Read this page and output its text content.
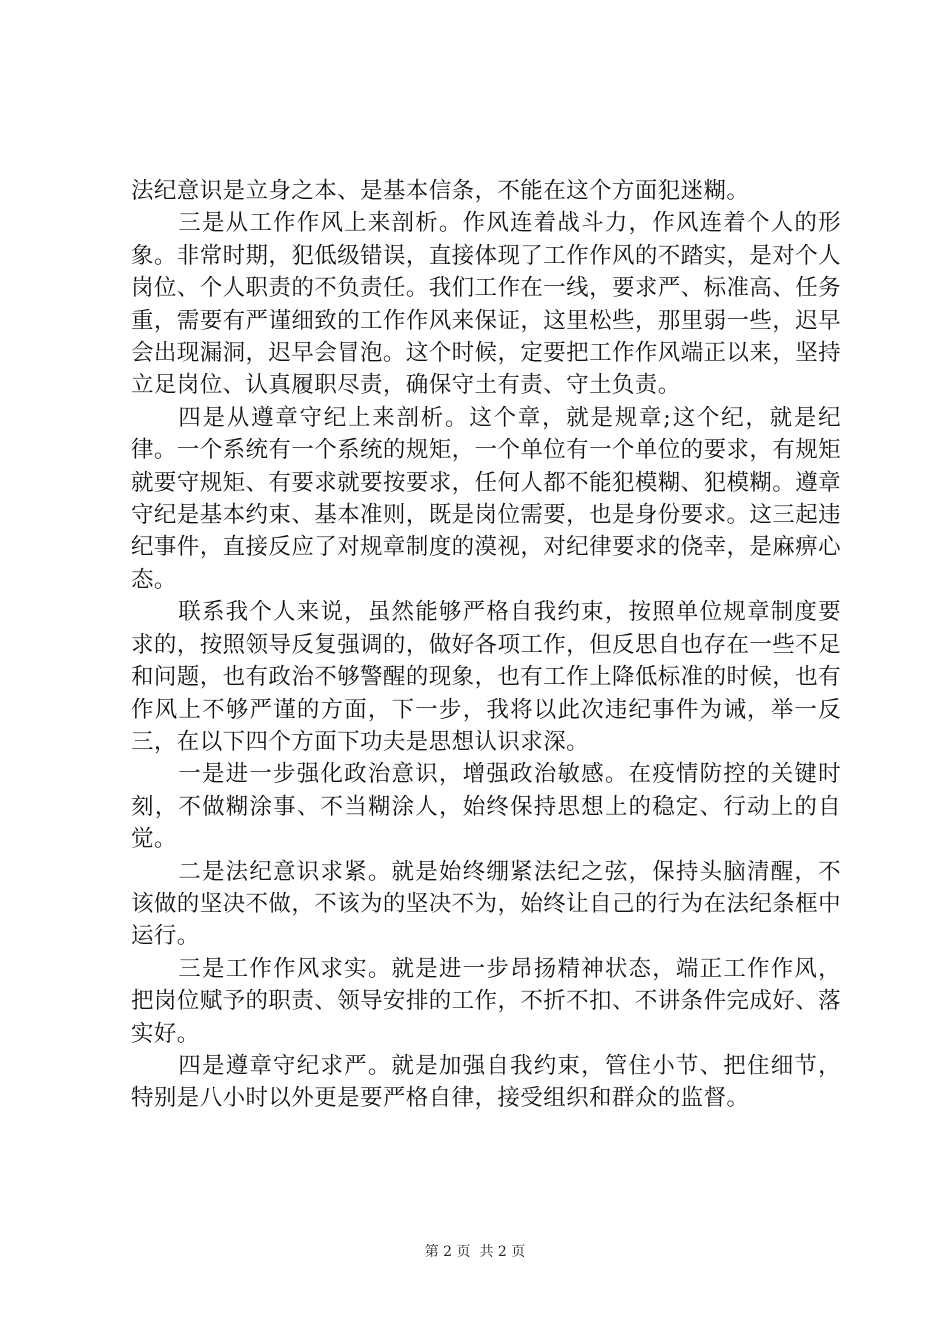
法纪意识是立身之本、是基本信条，不能在这个方面犯迷糊。

三是从工作作风上来剖析。作风连着战斗力，作风连着个人的形象。非常时期，犯低级错误，直接体现了工作作风的不踏实，是对个人岗位、个人职责的不负责任。我们工作在一线，要求严、标准高、任务重，需要有严谨细致的工作作风来保证，这里松些，那里弱一些，迟早会出现漏洞，迟早会冒泡。这个时候，定要把工作作风端正以来，坚持立足岗位、认真履职尽责，确保守土有责、守土负责。

四是从遵章守纪上来剖析。这个章，就是规章;这个纪，就是纪律。一个系统有一个系统的规矩，一个单位有一个单位的要求，有规矩就要守规矩、有要求就要按要求，任何人都不能犯模糊、犯模糊。遵章守纪是基本约束、基本准则，既是岗位需要，也是身份要求。这三起违纪事件，直接反应了对规章制度的漠视，对纪律要求的侥幸，是麻痹心态。

联系我个人来说，虽然能够严格自我约束，按照单位规章制度要求的，按照领导反复强调的，做好各项工作，但反思自也存在一些不足和问题，也有政治不够警醒的现象，也有工作上降低标准的时候，也有作风上不够严谨的方面，下一步，我将以此次违纪事件为诫，举一反三，在以下四个方面下功夫是思想认识求深。

一是进一步强化政治意识，增强政治敏感。在疫情防控的关键时刻，不做糊涂事、不当糊涂人，始终保持思想上的稳定、行动上的自觉。

二是法纪意识求紧。就是始终绷紧法纪之弦，保持头脑清醒，不该做的坚决不做，不该为的坚决不为，始终让自己的行为在法纪条框中运行。

三是工作作风求实。就是进一步昂扬精神状态，端正工作作风，把岗位赋予的职责、领导安排的工作，不折不扣、不讲条件完成好、落实好。

四是遵章守纪求严。就是加强自我约束，管住小节、把住细节，特别是八小时以外更是要严格自律，接受组织和群众的监督。

第 2 页  共 2 页
